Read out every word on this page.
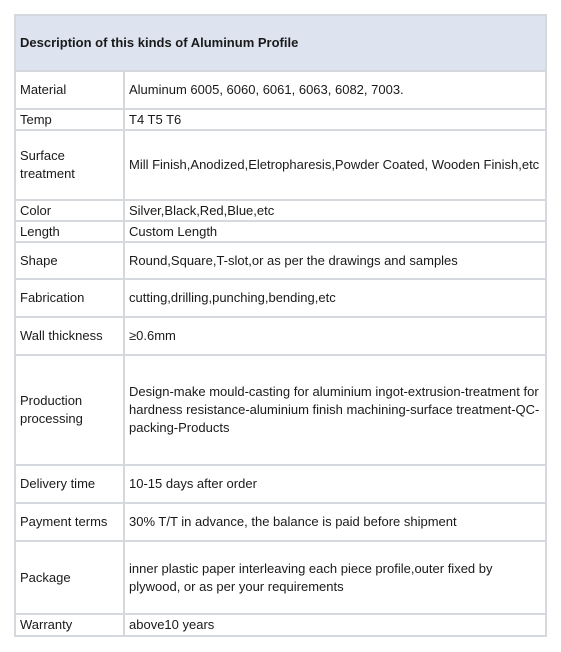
Description of this kinds of Aluminum Profile	
Material	Aluminum 6005, 6060, 6061, 6063, 6082, 7003.
Temp	T4 T5 T6
Surface treatment	Mill Finish,Anodized,Eletropharesis,Powder Coated, Wooden Finish,etc
Color	Silver,Black,Red,Blue,etc
Length	Custom Length
Shape	Round,Square,T-slot,or as per the drawings and samples
Fabrication	cutting,drilling,punching,bending,etc
Wall thickness	≥0.6mm
Production processing	Design-make mould-casting for aluminium ingot-extrusion-treatment for hardness resistance-aluminium finish machining-surface treatment-QC-packing-Products
Delivery time	10-15 days after order
Payment terms	30% T/T in advance, the balance is paid before shipment
Package	inner plastic paper interleaving each piece profile,outer fixed by plywood, or as per your requirements
Warranty	above10 years
